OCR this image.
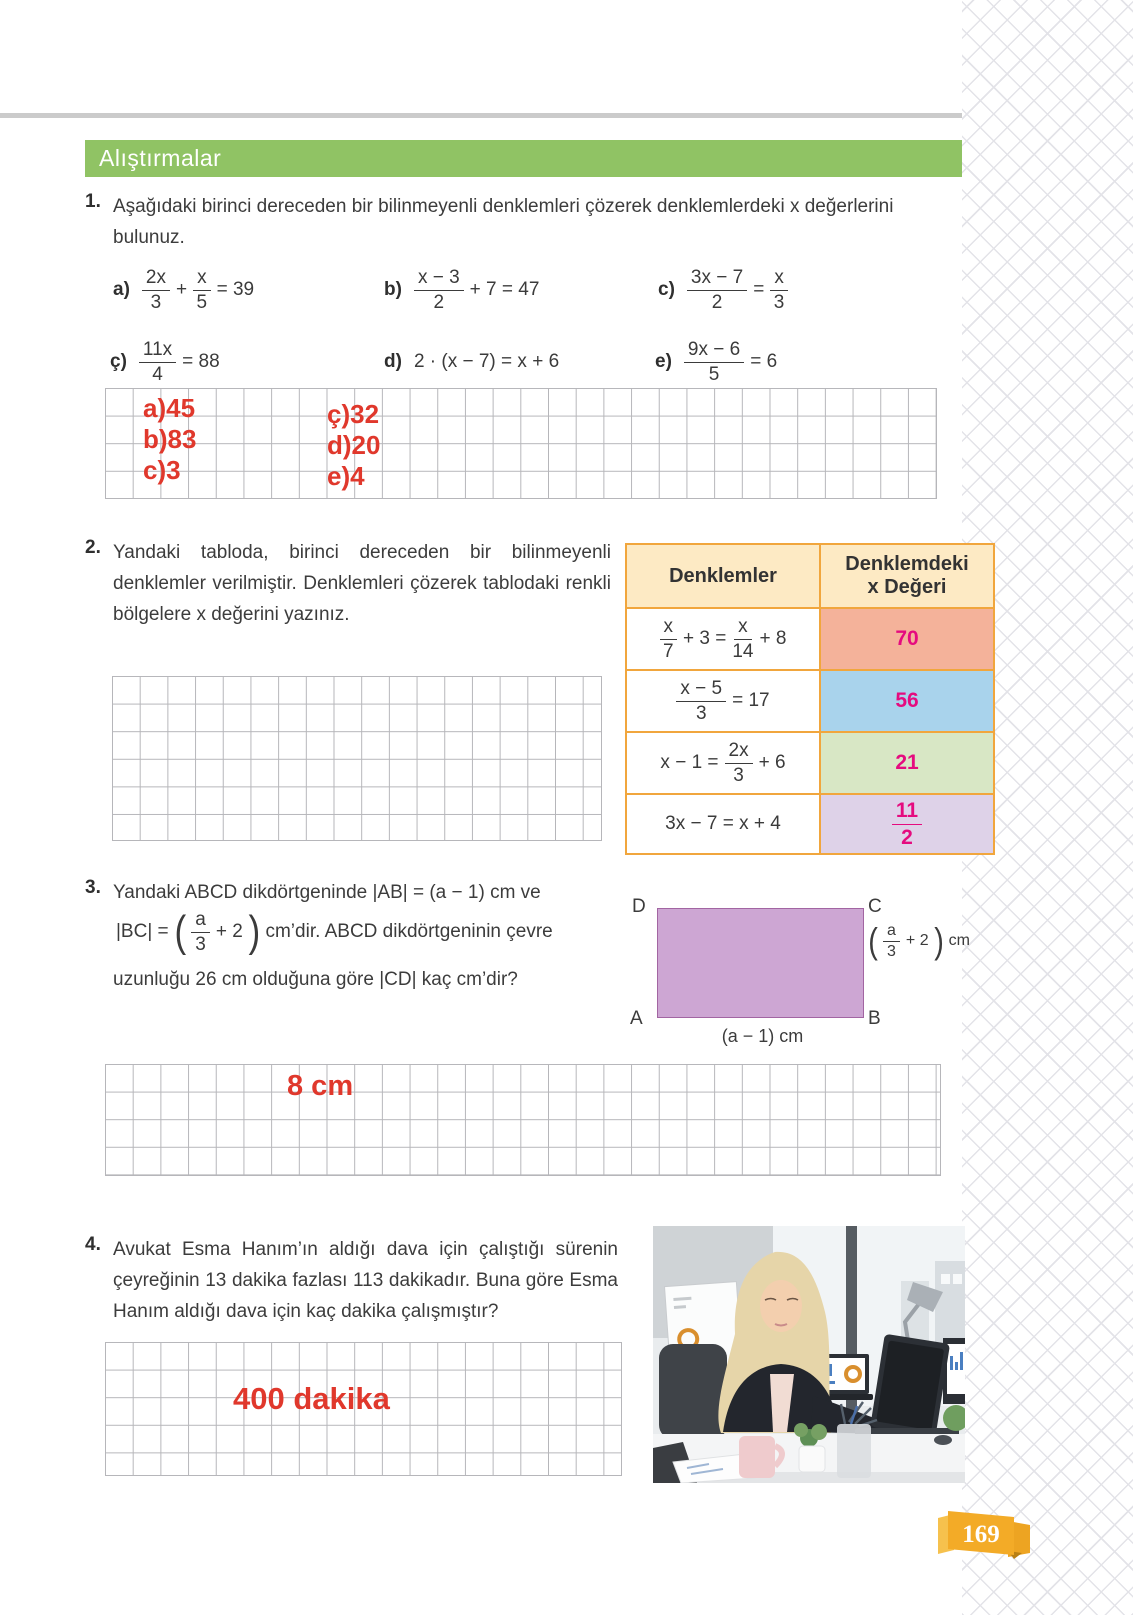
Alıştırmalar
1. Aşağıdaki birinci dereceden bir bilinmeyenli denklemleri çözerek denklemlerdeki x değerlerini bulunuz.
$a) \frac{2x}{3} + \frac{x}{5} = 39$	$b) \frac{x - 3}{2} + 7 = 47$	$c) \frac{3x - 7}{2} = \frac{x}{3}$
ç) $\frac{11x}{4} = 88$	d) 2 · (x − 7) = x + 6	$e) \frac{9x - 6}{5} = 6$
a)45
b)83
c)3
ç)32
d)20
e)4
2. Yandaki tabloda, birinci dereceden bir bilinmeyenli denklemler verilmiştir. Denklemleri çözerek tablodaki renkli bölgelere x değerini yazınız.
Denklemler
Denklemdeki
x Değeri
$\frac{x}{7} + 3 = \frac{x}{14} + 8$	70
$\frac{x - 5}{3} = 17$	56
$x - 1 = \frac{2x}{3} + 6$	21
3x − 7 = x + 4	$\frac{11}{2}$
3. Yandaki ABCD dikdörtgeninde |AB| = (a − 1) cm ve
|BC| = ( $\frac{a}{3} + 2$ ) cm’dir. ABCD dikdörtgeninin çevre
uzunluğu 26 cm olduğuna göre |CD| kaç cm’dir?
D	C
A	B
( $\frac{a}{3} + 2$ ) cm
(a − 1) cm
8 cm
4. Avukat Esma Hanım’ın aldığı dava için çalıştığı sürenin çeyreğinin 13 dakika fazlası 113 dakikadır. Buna göre Esma Hanım aldığı dava için kaç dakika çalışmıştır?
400 dakika
169
